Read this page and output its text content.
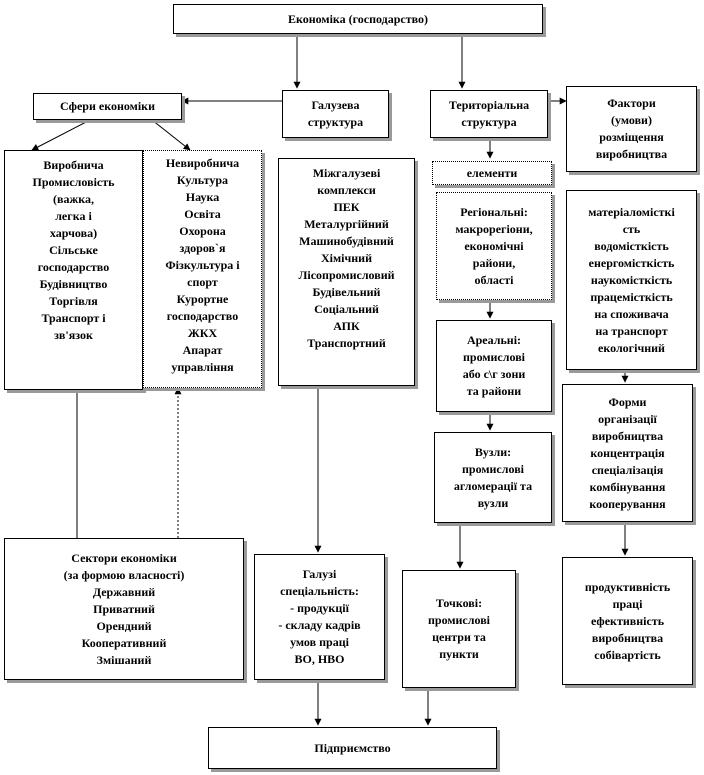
Економіка (господарство)
Сфери економіки	Галузева
структура
Територіальна
структура
Фактори
(умови)
розміщення
виробництва
Виробнича
Промисловість
(важка,
легка і
харчова)
Сільське
господарство
Будівництво
Торгівля
Транспорт і
зв'язок
Невиробнича
Культура
Наука
Освіта
Охорона
здоров`я
Фізкультура і
спорт
Курортне
господарство
ЖКХ
Апарат
управління
Міжгалузеві
комплекси
ПЕК
Металургійний
Машинобудівний
Хімічний
Лісопромисловий
Будівельний
Соціальний
АПК
Транспортний
елементи
Регіональні:
макрорегіони,
економічні
райони,
області
матеріаломісткі
сть
водомісткість
енергомісткість
наукомісткість
працемісткість
на споживача
на транспорт
екологічний
Ареальні:
промислові
або с\г зони
та райони
Форми
організації
виробництва
концентрація
спеціалізація
комбінування
кооперування
Вузли:
промислові
агломерації та
вузли
Сектори економіки
(за формою власності)
Державний
Приватний
Орендний
Кооперативний
Змішаний
Галузі
спеціальність:
- продукції
- складу кадрів
умов праці
ВО, НВО
Точкові:
промислові
центри та
пункти
продуктивність
праці
ефективність
виробництва
собівартість
Підприємство
